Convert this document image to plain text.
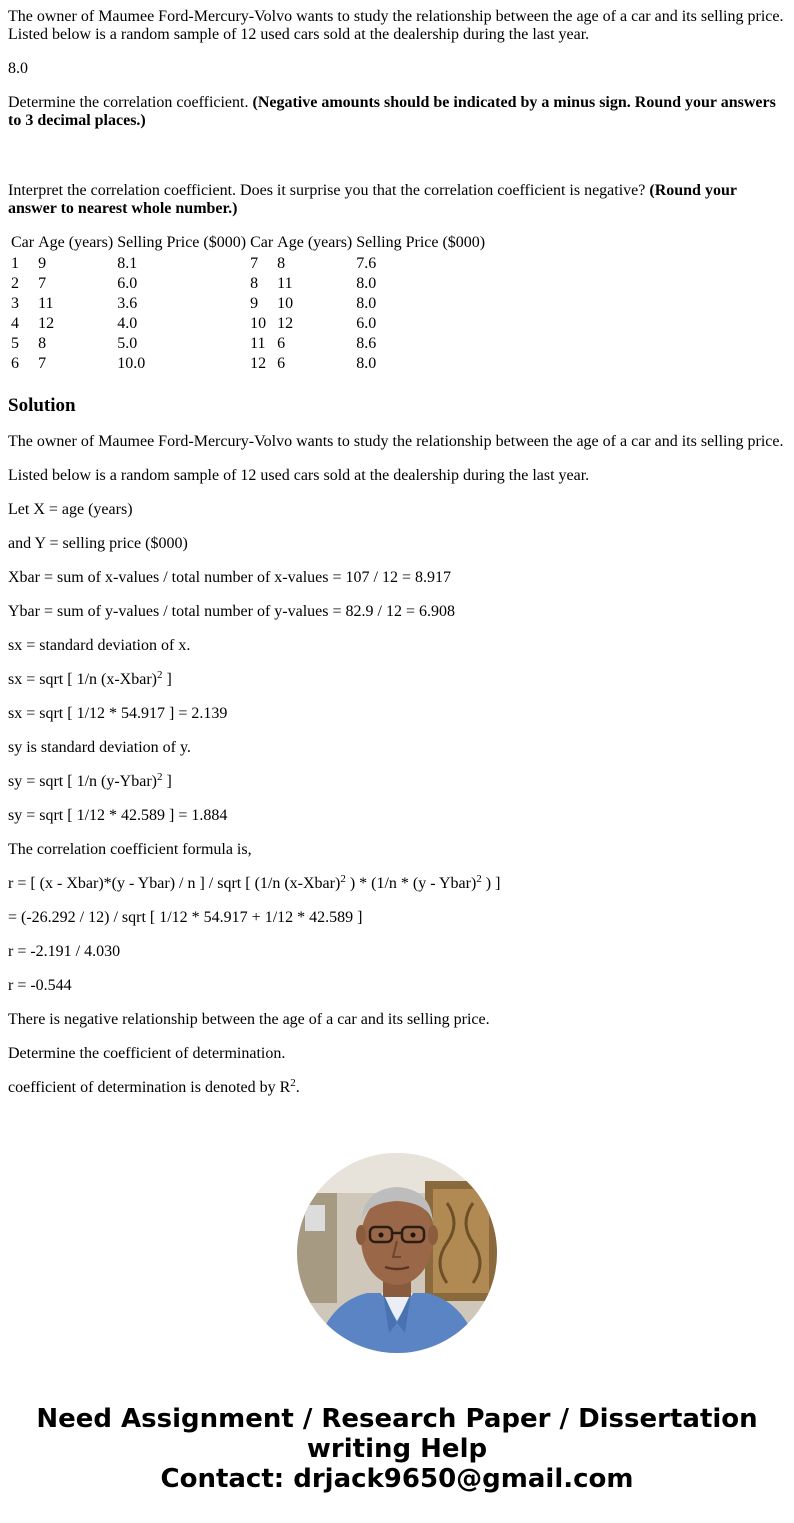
The owner of Maumee Ford-Mercury-Volvo wants to study the relationship between the age of a car and its selling price. Listed below is a random sample of 12 used cars sold at the dealership during the last year.

8.0

Determine the correlation coefficient. (Negative amounts should be indicated by a minus sign. Round your answers to 3 decimal places.)

Interpret the correlation coefficient. Does it surprise you that the correlation coefficient is negative? (Round your answer to nearest whole number.)

Car	Age (years)	Selling Price ($000)	Car	Age (years)	Selling Price ($000)
1	9	8.1	7	8	7.6
2	7	6.0	8	11	8.0
3	11	3.6	9	10	8.0
4	12	4.0	10	12	6.0
5	8	5.0	11	6	8.6
6	7	10.0	12	6	8.0
Solution

The owner of Maumee Ford-Mercury-Volvo wants to study the relationship between the age of a car and its selling price.

Listed below is a random sample of 12 used cars sold at the dealership during the last year.

Let X = age (years)

and Y = selling price ($000)

Xbar = sum of x-values / total number of x-values = 107 / 12 = 8.917

Ybar = sum of y-values / total number of y-values = 82.9 / 12 = 6.908

sx = standard deviation of x.

sx = sqrt [ 1/n (x-Xbar)$^2$ ]

sx = sqrt [ 1/12 * 54.917 ] = 2.139

sy is standard deviation of y.

sy = sqrt [ 1/n (y-Ybar)$^2$ ]

sy = sqrt [ 1/12 * 42.589 ] = 1.884

The correlation coefficient formula is,

r = [ (x - Xbar)*(y - Ybar) / n ] / sqrt [ (1/n (x-Xbar)$^2$ ) * (1/n * (y - Ybar)$^2$ ) ]

= (-26.292 / 12) / sqrt [ 1/12 * 54.917 + 1/12 * 42.589 ]

r = -2.191 / 4.030

r = -0.544

There is negative relationship between the age of a car and its selling price.

Determine the coefficient of determination.

coefficient of determination is denoted by $R^2$.

Need Assignment / Research Paper / Dissertation
writing Help
Contact: drjack9650@gmail.com
